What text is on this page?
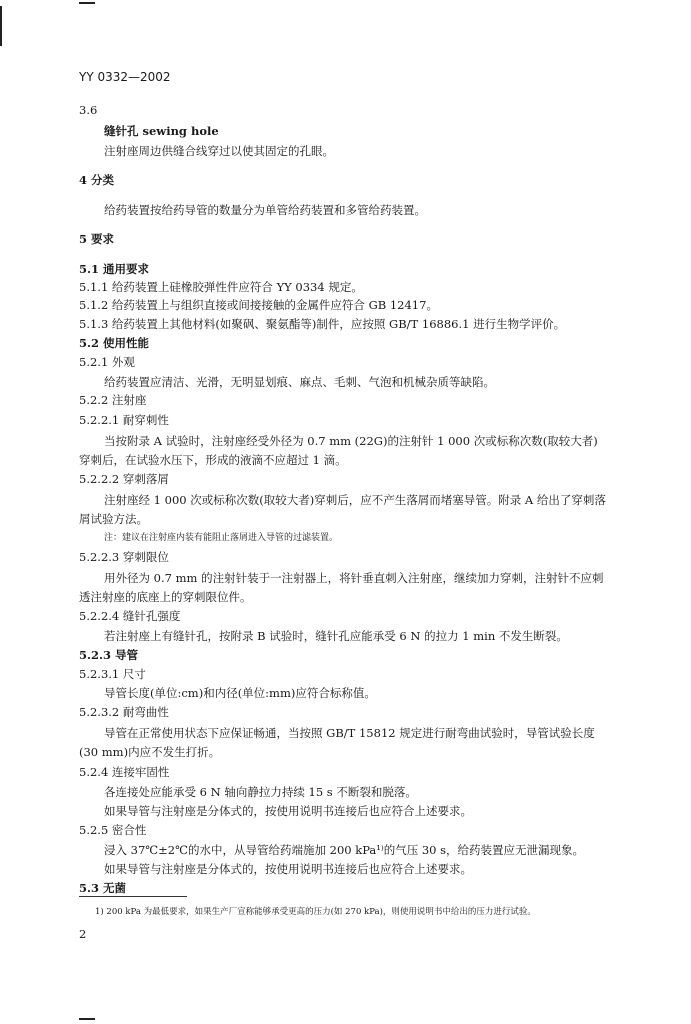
YY 0332—2002
3.6
缝针孔 sewing hole
注射座周边供缝合线穿过以使其固定的孔眼。
4 分类
给药装置按给药导管的数量分为单管给药装置和多管给药装置。
5 要求
5.1 通用要求
5.1.1 给药装置上硅橡胶弹性件应符合 YY 0334 规定。
5.1.2 给药装置上与组织直接或间接接触的金属件应符合 GB 12417。
5.1.3 给药装置上其他材料(如聚砜、聚氨酯等)制件，应按照 GB/T 16886.1 进行生物学评价。
5.2 使用性能
5.2.1 外观
给药装置应清洁、光滑，无明显划痕、麻点、毛刺、气泡和机械杂质等缺陷。
5.2.2 注射座
5.2.2.1 耐穿刺性
当按附录 A 试验时，注射座经受外径为 0.7 mm (22G)的注射针 1 000 次或标称次数(取较大者)
穿刺后，在试验水压下，形成的液滴不应超过 1 滴。
5.2.2.2 穿刺落屑
注射座经 1 000 次或标称次数(取较大者)穿刺后，应不产生落屑而堵塞导管。附录 A 给出了穿刺落
屑试验方法。
注：建议在注射座内装有能阻止落屑进入导管的过滤装置。
5.2.2.3 穿刺限位
用外径为 0.7 mm 的注射针装于一注射器上，将针垂直刺入注射座，继续加力穿刺，注射针不应刺
透注射座的底座上的穿刺限位件。
5.2.2.4 缝针孔强度
若注射座上有缝针孔，按附录 B 试验时，缝针孔应能承受 6 N 的拉力 1 min 不发生断裂。
5.2.3 导管
5.2.3.1 尺寸
导管长度(单位:cm)和内径(单位:mm)应符合标称值。
5.2.3.2 耐弯曲性
导管在正常使用状态下应保证畅通，当按照 GB/T 15812 规定进行耐弯曲试验时，导管试验长度
(30 mm)内应不发生打折。
5.2.4 连接牢固性
各连接处应能承受 6 N 轴向静拉力持续 15 s 不断裂和脱落。
如果导管与注射座是分体式的，按使用说明书连接后也应符合上述要求。
5.2.5 密合性
浸入 37℃±2℃的水中，从导管给药端施加 200 kPa¹⁾的气压 30 s，给药装置应无泄漏现象。
如果导管与注射座是分体式的，按使用说明书连接后也应符合上述要求。
5.3 无菌
1) 200 kPa 为最低要求，如果生产厂宣称能够承受更高的压力(如 270 kPa)，则使用说明书中给出的压力进行试验。
2
